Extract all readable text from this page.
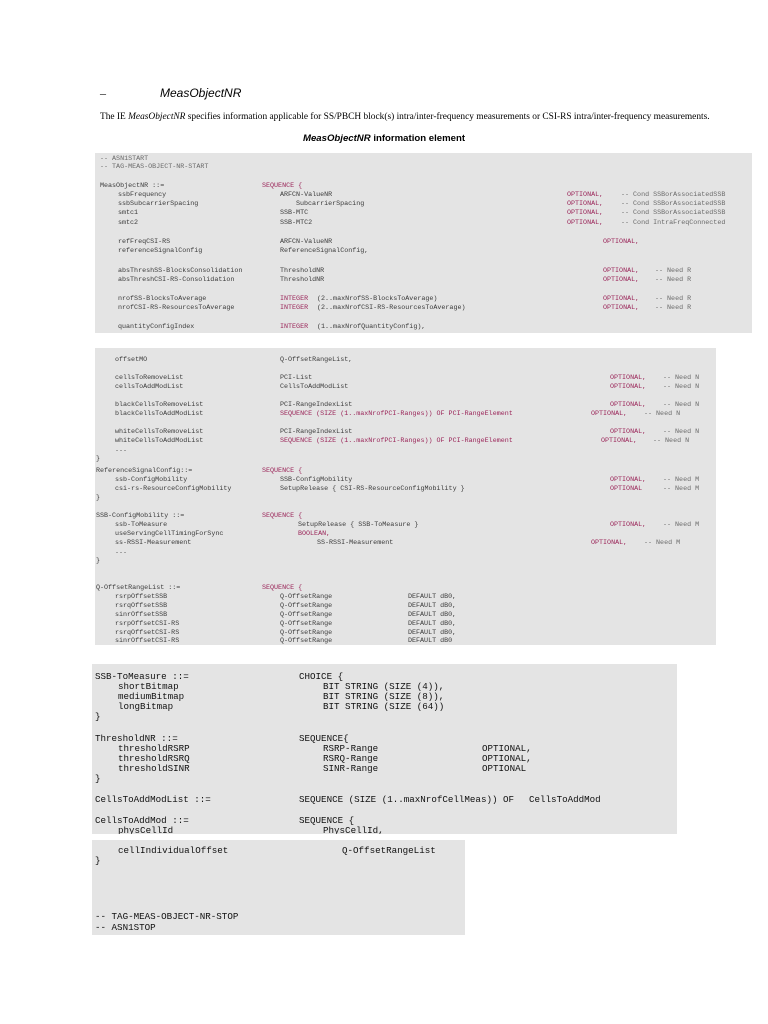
–	MeasObjectNR
The IE MeasObjectNR specifies information applicable for SS/PBCH block(s) intra/inter-frequency measurements or CSI-RS intra/inter-frequency measurements.
MeasObjectNR information element
-- ASN1START
-- TAG-MEAS-OBJECT-NR-START
MeasObjectNR ::=	SEQUENCE {
ssbFrequency	ARFCN-ValueNR	OPTIONAL,	-- Cond SSBorAssociatedSSB
ssbSubcarrierSpacing	SubcarrierSpacing	OPTIONAL,	-- Cond SSBorAssociatedSSB
smtc1	SSB-MTC	OPTIONAL,	-- Cond SSBorAssociatedSSB
smtc2	SSB-MTC2	OPTIONAL,	-- Cond IntraFreqConnected
refFreqCSI-RS	ARFCN-ValueNR	OPTIONAL,
referenceSignalConfig	ReferenceSignalConfig,
absThreshSS-BlocksConsolidation	ThresholdNR	OPTIONAL, -- Need R
absThreshCSI-RS-Consolidation	ThresholdNR	OPTIONAL, -- Need R
nrofSS-BlocksToAverage	INTEGER (2..maxNrofSS-BlocksToAverage)	OPTIONAL, -- Need R
nrofCSI-RS-ResourcesToAverage	INTEGER (2..maxNrofCSI-RS-ResourcesToAverage)	OPTIONAL, -- Need R
quantityConfigIndex	INTEGER (1..maxNrofQuantityConfig),
offsetMO	Q-OffsetRangeList,
cellsToRemoveList	PCI-List	OPTIONAL,	-- Need N
cellsToAddModList	CellsToAddModList	OPTIONAL,	-- Need N
blackCellsToRemoveList	PCI-RangeIndexList	OPTIONAL,	-- Need N
blackCellsToAddModList	SEQUENCE (SIZE (1..maxNrofPCI-Ranges)) OF PCI-RangeElement	OPTIONAL,	-- Need N
whiteCellsToRemoveList	PCI-RangeIndexList	OPTIONAL,	-- Need N
whiteCellsToAddModList	SEQUENCE (SIZE (1..maxNrofPCI-Ranges)) OF PCI-RangeElement	OPTIONAL, -- Need N
...
}
ReferenceSignalConfig::=	SEQUENCE {
ssb-ConfigMobility	SSB-ConfigMobility	OPTIONAL,	-- Need M
csi-rs-ResourceConfigMobility	SetupRelease { CSI-RS-ResourceConfigMobility }	OPTIONAL	-- Need M
}
SSB-ConfigMobility ::=	SEQUENCE {
ssb-ToMeasure	SetupRelease { SSB-ToMeasure }	OPTIONAL,	-- Need M
useServingCellTimingForSync	BOOLEAN,
ss-RSSI-Measurement	SS-RSSI-Measurement	OPTIONAL,	-- Need M
...
}
Q-OffsetRangeList ::=	SEQUENCE {
rsrpOffsetSSB	Q-OffsetRange	DEFAULT dB0,
rsrqOffsetSSB	Q-OffsetRange	DEFAULT dB0,
sinrOffsetSSB	Q-OffsetRange	DEFAULT dB0,
rsrpOffsetCSI-RS	Q-OffsetRange	DEFAULT dB0,
rsrqOffsetCSI-RS	Q-OffsetRange	DEFAULT dB0,
sinrOffsetCSI-RS	Q-OffsetRange	DEFAULT dB0
SSB-ToMeasure ::=	CHOICE {
shortBitmap	BIT STRING (SIZE (4)),
mediumBitmap	BIT STRING (SIZE (8)),
longBitmap	BIT STRING (SIZE (64))
}
ThresholdNR ::=	SEQUENCE{
thresholdRSRP	RSRP-Range	OPTIONAL,
thresholdRSRQ	RSRQ-Range	OPTIONAL,
thresholdSINR	SINR-Range	OPTIONAL
}
CellsToAddModList ::=	SEQUENCE (SIZE (1..maxNrofCellMeas)) OF CellsToAddMod
CellsToAddMod ::=	SEQUENCE {
physCellId	PhysCellId,
cellIndividualOffset	Q-OffsetRangeList
}
-- TAG-MEAS-OBJECT-NR-STOP
-- ASN1STOP
